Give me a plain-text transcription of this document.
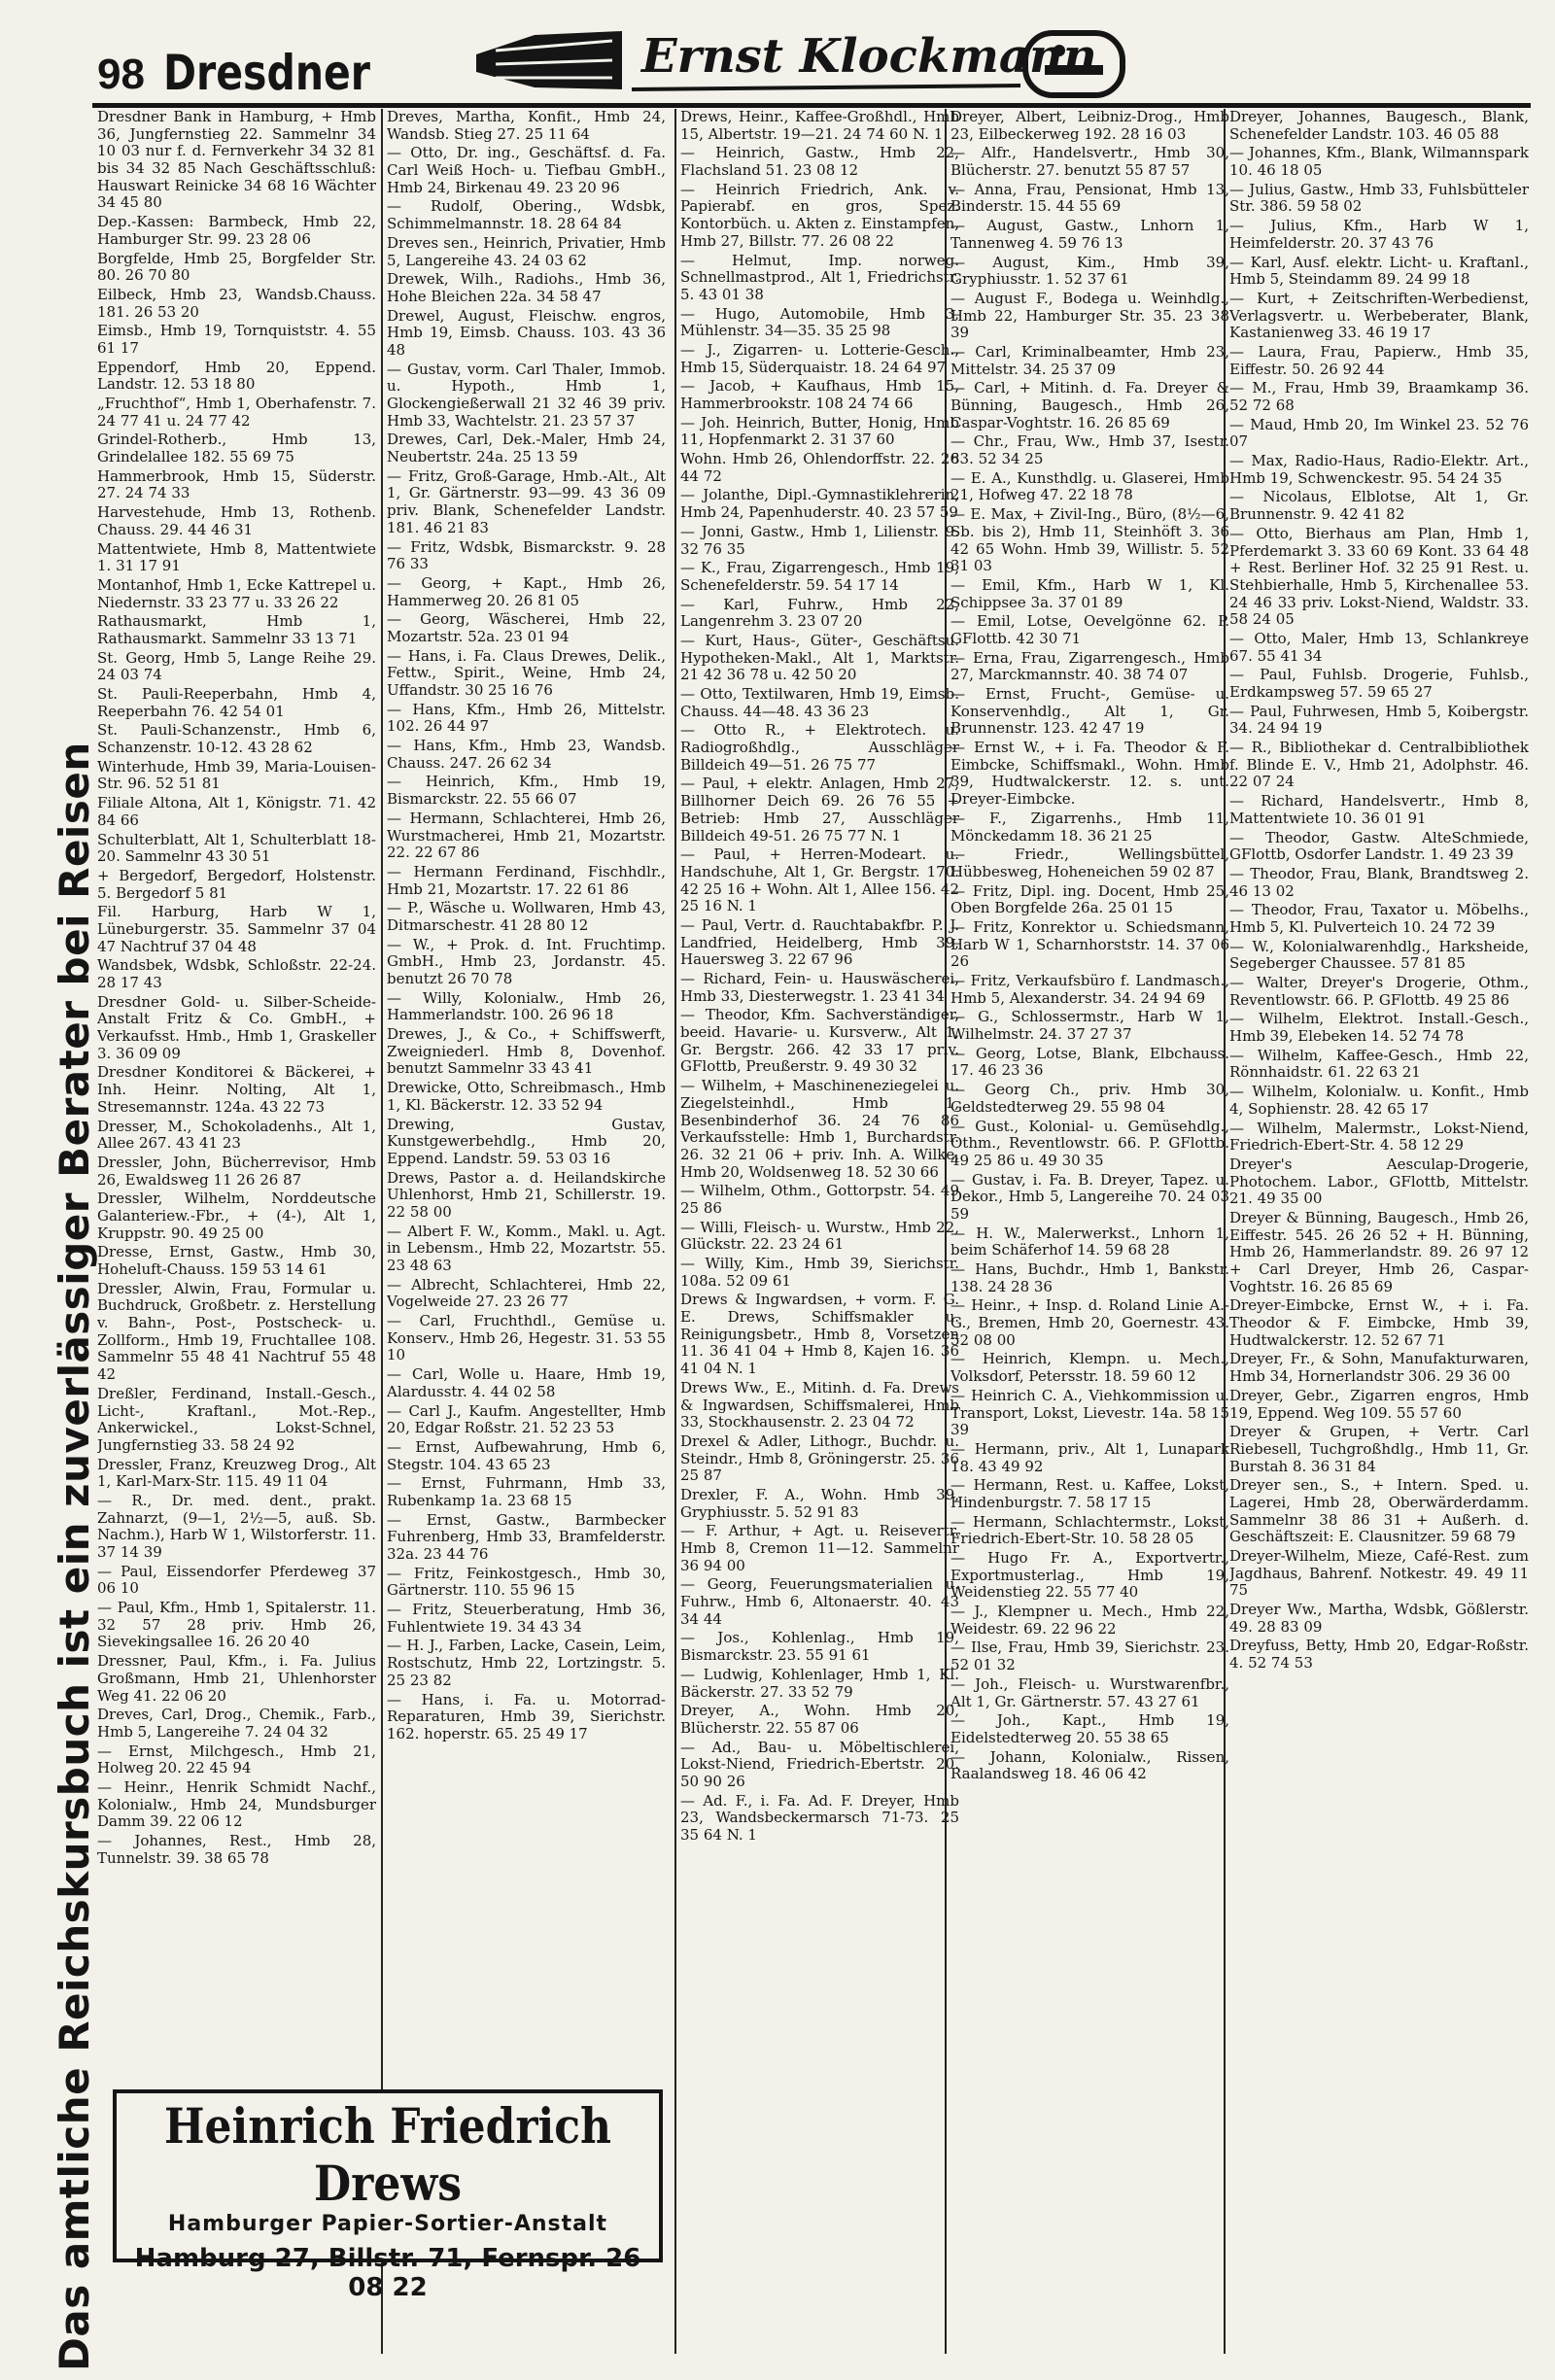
98 Dresdner	Ernst Klockmann
Das amtliche Reichskursbuch ist ein zuverlässiger Berater bei Reisen
Dresdner Bank in Hamburg, + Hmb 36, Jungfernstieg 22. Sammelnr 34 10 03 nur f. d. Fernverkehr 34 32 81 bis 34 32 85 Nach Geschäftsschluß: Hauswart Reinicke 34 68 16 Wächter 34 45 80
Dep.-Kassen: Barmbeck, Hmb 22, Hamburger Str. 99. 23 28 06
Borgfelde, Hmb 25, Borgfelder Str. 80. 26 70 80
Eilbeck, Hmb 23, Wandsb.Chauss. 181. 26 53 20
Eimsb., Hmb 19, Tornquiststr. 4. 55 61 17
Eppendorf, Hmb 20, Eppend. Landstr. 12. 53 18 80
„Fruchthof“, Hmb 1, Oberhafenstr. 7. 24 77 41 u. 24 77 42
Grindel-Rotherb., Hmb 13, Grindelallee 182. 55 69 75
Hammerbrook, Hmb 15, Süderstr. 27. 24 74 33
Harvestehude, Hmb 13, Rothenb. Chauss. 29. 44 46 31
Mattentwiete, Hmb 8, Mattentwiete 1. 31 17 91
Montanhof, Hmb 1, Ecke Kattrepel u. Niedernstr. 33 23 77 u. 33 26 22
Rathausmarkt, Hmb 1, Rathausmarkt. Sammelnr 33 13 71
St. Georg, Hmb 5, Lange Reihe 29. 24 03 74
St. Pauli-Reeperbahn, Hmb 4, Reeperbahn 76. 42 54 01
St. Pauli-Schanzenstr., Hmb 6, Schanzenstr. 10-12. 43 28 62
Winterhude, Hmb 39, Maria-Louisen-Str. 96. 52 51 81
Filiale Altona, Alt 1, Königstr. 71. 42 84 66
Schulterblatt, Alt 1, Schulterblatt 18-20. Sammelnr 43 30 51
+ Bergedorf, Bergedorf, Holstenstr. 5. Bergedorf 5 81
Fil. Harburg, Harb W 1, Lüneburgerstr. 35. Sammelnr 37 04 47 Nachtruf 37 04 48
Wandsbek, Wdsbk, Schloßstr. 22-24. 28 17 43
Dresdner Gold- u. Silber-Scheide-Anstalt Fritz & Co. GmbH., + Verkaufsst. Hmb., Hmb 1, Graskeller 3. 36 09 09
Dresdner Konditorei & Bäckerei, + Inh. Heinr. Nolting, Alt 1, Stresemannstr. 124a. 43 22 73
Dresser, M., Schokoladenhs., Alt 1, Allee 267. 43 41 23
Dressler, John, Bücherrevisor, Hmb 26, Ewaldsweg 11 26 26 87
Dressler, Wilhelm, Norddeutsche Galanteriew.-Fbr., + (4-), Alt 1, Kruppstr. 90. 49 25 00
Dresse, Ernst, Gastw., Hmb 30, Hoheluft-Chauss. 159 53 14 61
Dressler, Alwin, Frau, Formular u. Buchdruck, Großbetr. z. Herstellung v. Bahn-, Post-, Postscheck- u. Zollform., Hmb 19, Fruchtallee 108. Sammelnr 55 48 41 Nachtruf 55 48 42
Dreßler, Ferdinand, Install.-Gesch., Licht-, Kraftanl., Mot.-Rep., Ankerwickel., Lokst-Schnel, Jungfernstieg 33. 58 24 92
Dressler, Franz, Kreuzweg Drog., Alt 1, Karl-Marx-Str. 115. 49 11 04
— R., Dr. med. dent., prakt. Zahnarzt, (9—1, 2½—5, auß. Sb. Nachm.), Harb W 1, Wilstorferstr. 11. 37 14 39
— Paul, Eissendorfer Pferdeweg 37 06 10
— Paul, Kfm., Hmb 1, Spitalerstr. 11. 32 57 28 priv. Hmb 26, Sievekingsallee 16. 26 20 40
Dressner, Paul, Kfm., i. Fa. Julius Großmann, Hmb 21, Uhlenhorster Weg 41. 22 06 20
Dreves, Carl, Drog., Chemik., Farb., Hmb 5, Langereihe 7. 24 04 32
— Ernst, Milchgesch., Hmb 21, Holweg 20. 22 45 94
— Heinr., Henrik Schmidt Nachf., Kolonialw., Hmb 24, Mundsburger Damm 39. 22 06 12
— Johannes, Rest., Hmb 28, Tunnelstr. 39. 38 65 78
Dreves, Martha, Konfit., Hmb 24, Wandsb. Stieg 27. 25 11 64
— Otto, Dr. ing., Geschäftsf. d. Fa. Carl Weiß Hoch- u. Tiefbau GmbH., Hmb 24, Birkenau 49. 23 20 96
— Rudolf, Obering., Wdsbk, Schimmelmannstr. 18. 28 64 84
Dreves sen., Heinrich, Privatier, Hmb 5, Langereihe 43. 24 03 62
Drewek, Wilh., Radiohs., Hmb 36, Hohe Bleichen 22a. 34 58 47
Drewel, August, Fleischw. engros, Hmb 19, Eimsb. Chauss. 103. 43 36 48
— Gustav, vorm. Carl Thaler, Immob. u. Hypoth., Hmb 1, Glockengießerwall 21 32 46 39 priv. Hmb 33, Wachtelstr. 21. 23 57 37
Drewes, Carl, Dek.-Maler, Hmb 24, Neubertstr. 24a. 25 13 59
— Fritz, Groß-Garage, Hmb.-Alt., Alt 1, Gr. Gärtnerstr. 93—99. 43 36 09 priv. Blank, Schenefelder Landstr. 181. 46 21 83
— Fritz, Wdsbk, Bismarckstr. 9. 28 76 33
— Georg, + Kapt., Hmb 26, Hammerweg 20. 26 81 05
— Georg, Wäscherei, Hmb 22, Mozartstr. 52a. 23 01 94
— Hans, i. Fa. Claus Drewes, Delik., Fettw., Spirit., Weine, Hmb 24, Uffandstr. 30 25 16 76
— Hans, Kfm., Hmb 26, Mittelstr. 102. 26 44 97
— Hans, Kfm., Hmb 23, Wandsb. Chauss. 247. 26 62 34
— Heinrich, Kfm., Hmb 19, Bismarckstr. 22. 55 66 07
— Hermann, Schlachterei, Hmb 26, Wurstmacherei, Hmb 21, Mozartstr. 22. 22 67 86
— Hermann Ferdinand, Fischhdlr., Hmb 21, Mozartstr. 17. 22 61 86
— P., Wäsche u. Wollwaren, Hmb 43, Ditmarschestr. 41 28 80 12
— W., + Prok. d. Int. Fruchtimp. GmbH., Hmb 23, Jordanstr. 45. benutzt 26 70 78
— Willy, Kolonialw., Hmb 26, Hammerlandstr. 100. 26 96 18
Drewes, J., & Co., + Schiffswerft, Zweigniederl. Hmb 8, Dovenhof. benutzt Sammelnr 33 43 41
Drewicke, Otto, Schreibmasch., Hmb 1, Kl. Bäckerstr. 12. 33 52 94
Drewing, Gustav, Kunstgewerbehdlg., Hmb 20, Eppend. Landstr. 59. 53 03 16
Drews, Pastor a. d. Heilandskirche Uhlenhorst, Hmb 21, Schillerstr. 19. 22 58 00
— Albert F. W., Komm., Makl. u. Agt. in Lebensm., Hmb 22, Mozartstr. 55. 23 48 63
— Albrecht, Schlachterei, Hmb 22, Vogelweide 27. 23 26 77
— Carl, Fruchthdl., Gemüse u. Konserv., Hmb 26, Hegestr. 31. 53 55 10
— Carl, Wolle u. Haare, Hmb 19, Alardusstr. 4. 44 02 58
— Carl J., Kaufm. Angestellter, Hmb 20, Edgar Roßstr. 21. 52 23 53
— Ernst, Aufbewahrung, Hmb 6, Stegstr. 104. 43 65 23
— Ernst, Fuhrmann, Hmb 33, Rubenkamp 1a. 23 68 15
— Ernst, Gastw., Barmbecker Fuhrenberg, Hmb 33, Bramfelderstr. 32a. 23 44 76
— Fritz, Feinkostgesch., Hmb 30, Gärtnerstr. 110. 55 96 15
— Fritz, Steuerberatung, Hmb 36, Fuhlentwiete 19. 34 43 34
— H. J., Farben, Lacke, Casein, Leim, Rostschutz, Hmb 22, Lortzingstr. 5. 25 23 82
— Hans, i. Fa. u. Motorrad-Reparaturen, Hmb 39, Sierichstr. 162. hoperstr. 65. 25 49 17
Drews, Heinr., Kaffee-Großhdl., Hmb 15, Albertstr. 19—21. 24 74 60 N. 1
— Heinrich, Gastw., Hmb 22, Flachsland 51. 23 08 12
— Heinrich Friedrich, Ank. v. Papierabf. en gros, Spez. Kontorbüch. u. Akten z. Einstampfen, Hmb 27, Billstr. 77. 26 08 22
— Helmut, Imp. norweg. Schnellmastprod., Alt 1, Friedrichstr. 5. 43 01 38
— Hugo, Automobile, Hmb 3, Mühlenstr. 34—35. 35 25 98
— J., Zigarren- u. Lotterie-Gesch., Hmb 15, Süderquaistr. 18. 24 64 97
— Jacob, + Kaufhaus, Hmb 15, Hammerbrookstr. 108 24 74 66
— Joh. Heinrich, Butter, Honig, Hmb 11, Hopfenmarkt 2. 31 37 60
Wohn. Hmb 26, Ohlendorffstr. 22. 26 44 72
— Jolanthe, Dipl.-Gymnastiklehrerin, Hmb 24, Papenhuderstr. 40. 23 57 59
— Jonni, Gastw., Hmb 1, Lilienstr. 9. 32 76 35
— K., Frau, Zigarrengesch., Hmb 19, Schenefelderstr. 59. 54 17 14
— Karl, Fuhrw., Hmb 22, Langenrehm 3. 23 07 20
— Kurt, Haus-, Güter-, Geschäftsu. Hypotheken-Makl., Alt 1, Marktstr. 21 42 36 78 u. 42 50 20
— Otto, Textilwaren, Hmb 19, Eimsb. Chauss. 44—48. 43 36 23
— Otto R., + Elektrotech. u. Radiogroßhdlg., Ausschläger Billdeich 49—51. 26 75 77
— Paul, + elektr. Anlagen, Hmb 27, Billhorner Deich 69. 26 76 55 + Betrieb: Hmb 27, Ausschläger Billdeich 49-51. 26 75 77 N. 1
— Paul, + Herren-Modeart. u. Handschuhe, Alt 1, Gr. Bergstr. 170. 42 25 16 + Wohn. Alt 1, Allee 156. 42 25 16 N. 1
— Paul, Vertr. d. Rauchtabakfbr. P. J. Landfried, Heidelberg, Hmb 39, Hauersweg 3. 22 67 96
— Richard, Fein- u. Hauswäscherei, Hmb 33, Diesterwegstr. 1. 23 41 34
— Theodor, Kfm. Sachverständiger, beeid. Havarie- u. Kursverw., Alt 1, Gr. Bergstr. 266. 42 33 17 priv. GFlottb, Preußerstr. 9. 49 30 32
— Wilhelm, + Maschineneziegelei u. Ziegelsteinhdl., Hmb 1, Besenbinderhof 36. 24 76 86 Verkaufsstelle: Hmb 1, Burchardstr. 26. 32 21 06 + priv. Inh. A. Wilke, Hmb 20, Woldsenweg 18. 52 30 66
— Wilhelm, Othm., Gottorpstr. 54. 49 25 86
— Willi, Fleisch- u. Wurstw., Hmb 22, Glückstr. 22. 23 24 61
— Willy, Kim., Hmb 39, Sierichstr. 108a. 52 09 61
Drews & Ingwardsen, + vorm. F. G. E. Drews, Schiffsmakler u. Reinigungsbetr., Hmb 8, Vorsetzen 11. 36 41 04 + Hmb 8, Kajen 16. 36 41 04 N. 1
Drews Ww., E., Mitinh. d. Fa. Drews & Ingwardsen, Schiffsmalerei, Hmb 33, Stockhausenstr. 2. 23 04 72
Drexel & Adler, Lithogr., Buchdr. u. Steindr., Hmb 8, Gröningerstr. 25. 36 25 87
Drexler, F. A., Wohn. Hmb 39, Gryphiusstr. 5. 52 91 83
— F. Arthur, + Agt. u. Reisevertr. Hmb 8, Cremon 11—12. Sammelnr 36 94 00
— Georg, Feuerungsmaterialien u. Fuhrw., Hmb 6, Altonaerstr. 40. 43 34 44
— Jos., Kohlenlag., Hmb 19, Bismarckstr. 23. 55 91 61
— Ludwig, Kohlenlager, Hmb 1, Kl. Bäckerstr. 27. 33 52 79
Dreyer, A., Wohn. Hmb 20, Blücherstr. 22. 55 87 06
— Ad., Bau- u. Möbeltischlerei, Lokst-Niend, Friedrich-Ebertstr. 20. 50 90 26
— Ad. F., i. Fa. Ad. F. Dreyer, Hmb 23, Wandsbeckermarsch 71-73. 25 35 64 N. 1
Dreyer, Albert, Leibniz-Drog., Hmb 23, Eilbeckerweg 192. 28 16 03
— Alfr., Handelsvertr., Hmb 30, Blücherstr. 27. benutzt 55 87 57
— Anna, Frau, Pensionat, Hmb 13, Binderstr. 15. 44 55 69
— August, Gastw., Lnhorn 1, Tannenweg 4. 59 76 13
— August, Kim., Hmb 39, Gryphiusstr. 1. 52 37 61
— August F., Bodega u. Weinhdlg., Hmb 22, Hamburger Str. 35. 23 38 39
— Carl, Kriminalbeamter, Hmb 23, Mittelstr. 34. 25 37 09
— Carl, + Mitinh. d. Fa. Dreyer & Bünning, Baugesch., Hmb 26, Caspar-Voghtstr. 16. 26 85 69
— Chr., Frau, Ww., Hmb 37, Isestr. 83. 52 34 25
— E. A., Kunsthdlg. u. Glaserei, Hmb 21, Hofweg 47. 22 18 78
— E. Max, + Zivil-Ing., Büro, (8½—6, Sb. bis 2), Hmb 11, Steinhöft 3. 36 42 65 Wohn. Hmb 39, Willistr. 5. 52 31 03
— Emil, Kfm., Harb W 1, Kl. Schippsee 3a. 37 01 89
— Emil, Lotse, Oevelgönne 62. P. GFlottb. 42 30 71
— Erna, Frau, Zigarrengesch., Hmb 27, Marckmannstr. 40. 38 74 07
— Ernst, Frucht-, Gemüse- u. Konservenhdlg., Alt 1, Gr. Brunnenstr. 123. 42 47 19
— Ernst W., + i. Fa. Theodor & F. Eimbcke, Schiffsmakl., Wohn. Hmb 39, Hudtwalckerstr. 12. s. unt. Dreyer-Eimbcke.
— F., Zigarrenhs., Hmb 11, Mönckedamm 18. 36 21 25
— Friedr., Wellingsbüttel, Hübbesweg, Hoheneichen 59 02 87
— Fritz, Dipl. ing. Docent, Hmb 25, Oben Borgfelde 26a. 25 01 15
— Fritz, Konrektor u. Schiedsmann, Harb W 1, Scharnhorststr. 14. 37 06 26
— Fritz, Verkaufsbüro f. Landmasch., Hmb 5, Alexanderstr. 34. 24 94 69
— G., Schlossermstr., Harb W 1, Wilhelmstr. 24. 37 27 37
— Georg, Lotse, Blank, Elbchauss. 17. 46 23 36
— Georg Ch., priv. Hmb 30, Geldstedterweg 29. 55 98 04
— Gust., Kolonial- u. Gemüsehdlg., Othm., Reventlowstr. 66. P. GFlottb. 49 25 86 u. 49 30 35
— Gustav, i. Fa. B. Dreyer, Tapez. u. Dekor., Hmb 5, Langereihe 70. 24 03 59
— H. W., Malerwerkst., Lnhorn 1, beim Schäferhof 14. 59 68 28
— Hans, Buchdr., Hmb 1, Bankstr. 138. 24 28 36
— Heinr., + Insp. d. Roland Linie A.-G., Bremen, Hmb 20, Goernestr. 43. 52 08 00
— Heinrich, Klempn. u. Mech., Volksdorf, Petersstr. 18. 59 60 12
— Heinrich C. A., Viehkommission u. Transport, Lokst, Lievestr. 14a. 58 15 39
— Hermann, priv., Alt 1, Lunapark 18. 43 49 92
— Hermann, Rest. u. Kaffee, Lokst, Hindenburgstr. 7. 58 17 15
— Hermann, Schlachtermstr., Lokst, Friedrich-Ebert-Str. 10. 58 28 05
— Hugo Fr. A., Exportvertr., Exportmusterlag., Hmb 19, Weidenstieg 22. 55 77 40
— J., Klempner u. Mech., Hmb 22, Weidestr. 69. 22 96 22
— Ilse, Frau, Hmb 39, Sierichstr. 23. 52 01 32
— Joh., Fleisch- u. Wurstwarenfbr., Alt 1, Gr. Gärtnerstr. 57. 43 27 61
— Joh., Kapt., Hmb 19, Eidelstedterweg 20. 55 38 65
— Johann, Kolonialw., Rissen, Raalandsweg 18. 46 06 42
Dreyer, Johannes, Baugesch., Blank, Schenefelder Landstr. 103. 46 05 88
— Johannes, Kfm., Blank, Wilmannspark 10. 46 18 05
— Julius, Gastw., Hmb 33, Fuhlsbütteler Str. 386. 59 58 02
— Julius, Kfm., Harb W 1, Heimfelderstr. 20. 37 43 76
— Karl, Ausf. elektr. Licht- u. Kraftanl., Hmb 5, Steindamm 89. 24 99 18
— Kurt, + Zeitschriften-Werbedienst, Verlagsvertr. u. Werbeberater, Blank, Kastanienweg 33. 46 19 17
— Laura, Frau, Papierw., Hmb 35, Eiffestr. 50. 26 92 44
— M., Frau, Hmb 39, Braamkamp 36. 52 72 68
— Maud, Hmb 20, Im Winkel 23. 52 76 07
— Max, Radio-Haus, Radio-Elektr. Art., Hmb 19, Schwenckestr. 95. 54 24 35
— Nicolaus, Elblotse, Alt 1, Gr. Brunnenstr. 9. 42 41 82
— Otto, Bierhaus am Plan, Hmb 1, Pferdemarkt 3. 33 60 69 Kont. 33 64 48 + Rest. Berliner Hof. 32 25 91 Rest. u. Stehbierhalle, Hmb 5, Kirchenallee 53. 24 46 33 priv. Lokst-Niend, Waldstr. 33. 58 24 05
— Otto, Maler, Hmb 13, Schlankreye 67. 55 41 34
— Paul, Fuhlsb. Drogerie, Fuhlsb., Erdkampsweg 57. 59 65 27
— Paul, Fuhrwesen, Hmb 5, Koibergstr. 34. 24 94 19
— R., Bibliothekar d. Centralbibliothek f. Blinde E. V., Hmb 21, Adolphstr. 46. 22 07 24
— Richard, Handelsvertr., Hmb 8, Mattentwiete 10. 36 01 91
— Theodor, Gastw. AlteSchmiede, GFlottb, Osdorfer Landstr. 1. 49 23 39
— Theodor, Frau, Blank, Brandtsweg 2. 46 13 02
— Theodor, Frau, Taxator u. Möbelhs., Hmb 5, Kl. Pulverteich 10. 24 72 39
— W., Kolonialwarenhdlg., Harksheide, Segeberger Chaussee. 57 81 85
— Walter, Dreyer's Drogerie, Othm., Reventlowstr. 66. P. GFlottb. 49 25 86
— Wilhelm, Elektrot. Install.-Gesch., Hmb 39, Elebeken 14. 52 74 78
— Wilhelm, Kaffee-Gesch., Hmb 22, Rönnhaidstr. 61. 22 63 21
— Wilhelm, Kolonialw. u. Konfit., Hmb 4, Sophienstr. 28. 42 65 17
— Wilhelm, Malermstr., Lokst-Niend, Friedrich-Ebert-Str. 4. 58 12 29
Dreyer's Aesculap-Drogerie, Photochem. Labor., GFlottb, Mittelstr. 21. 49 35 00
Dreyer & Bünning, Baugesch., Hmb 26, Eiffestr. 545. 26 26 52 + H. Bünning, Hmb 26, Hammerlandstr. 89. 26 97 12 + Carl Dreyer, Hmb 26, Caspar-Voghtstr. 16. 26 85 69
Dreyer-Eimbcke, Ernst W., + i. Fa. Theodor & F. Eimbcke, Hmb 39, Hudtwalckerstr. 12. 52 67 71
Dreyer, Fr., & Sohn, Manufakturwaren, Hmb 34, Hornerlandstr 306. 29 36 00
Dreyer, Gebr., Zigarren engros, Hmb 19, Eppend. Weg 109. 55 57 60
Dreyer & Grupen, + Vertr. Carl Riebesell, Tuchgroßhdlg., Hmb 11, Gr. Burstah 8. 36 31 84
Dreyer sen., S., + Intern. Sped. u. Lagerei, Hmb 28, Oberwärderdamm. Sammelnr 38 86 31 + Außerh. d. Geschäftszeit: E. Clausnitzer. 59 68 79
Dreyer-Wilhelm, Mieze, Café-Rest. zum Jagdhaus, Bahrenf. Notkestr. 49. 49 11 75
Dreyer Ww., Martha, Wdsbk, Gößlerstr. 49. 28 83 09
Dreyfuss, Betty, Hmb 20, Edgar-Roßstr. 4. 52 74 53
Heinrich Friedrich Drews
Hamburger Papier-Sortier-Anstalt
Hamburg 27, Billstr. 71, Fernspr. 26 08 22
